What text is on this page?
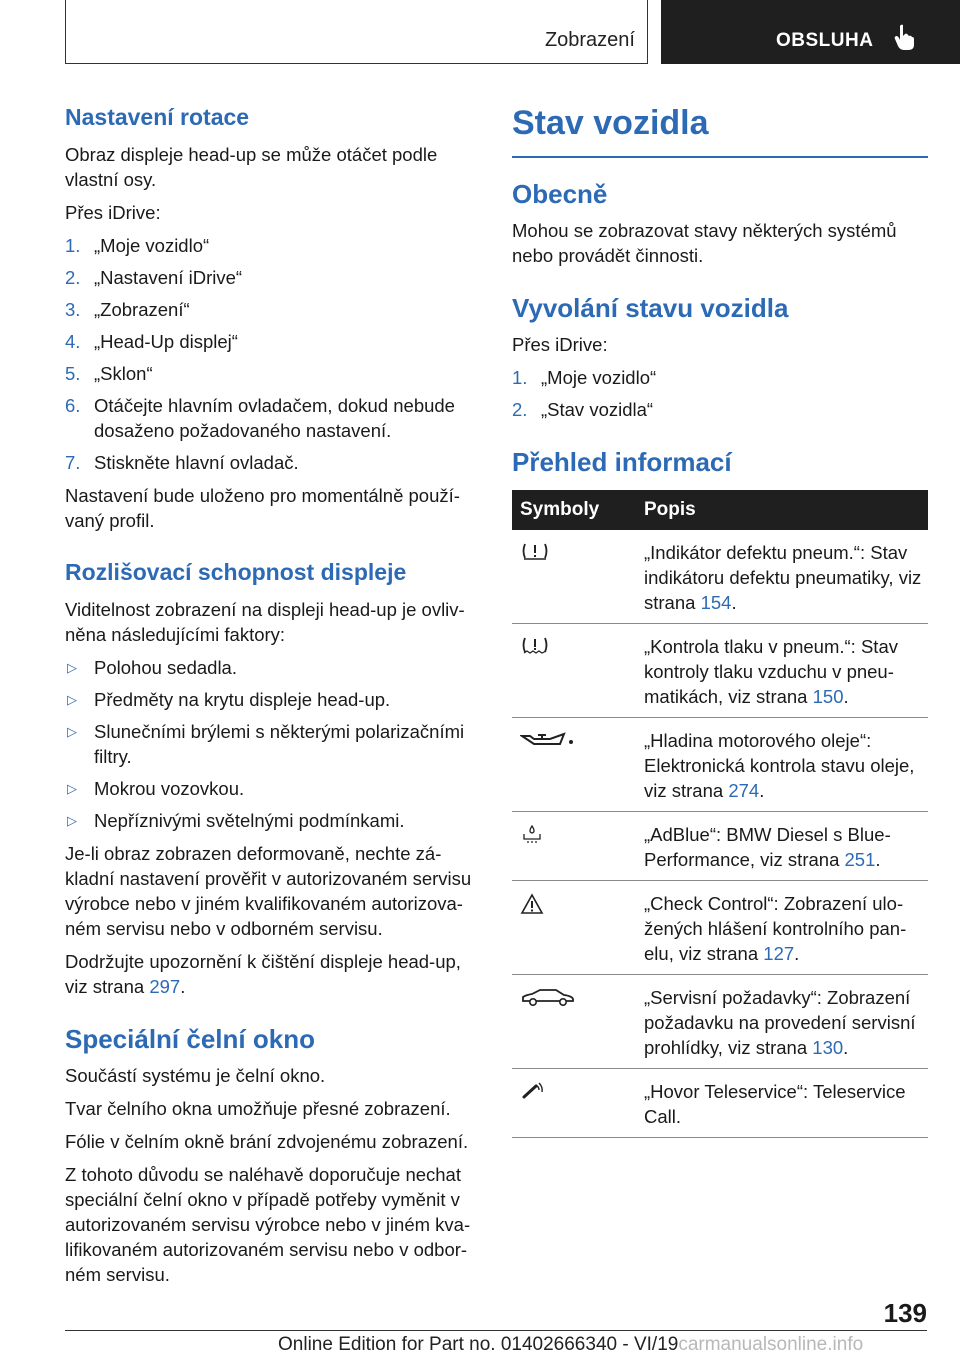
Zobrazení	OBSLUHA
Nastavení rotace

Obraz displeje head-up se může otáčet podle vlastní osy.

Přes iDrive:

1. „Moje vozidlo“
2. „Nastavení iDrive“
3. „Zobrazení“
4. „Head-Up displej“
5. „Sklon“
6. Otáčejte hlavním ovladačem, dokud nebude dosaženo požadovaného nastavení.
7. Stiskněte hlavní ovladač.

Nastavení bude uloženo pro momentálně použí-vaný profil.

Rozlišovací schopnost displeje

Viditelnost zobrazení na displeji head-up je ovliv-něna následujícími faktory:

▷ Polohou sedadla.
▷ Předměty na krytu displeje head-up.
▷ Slunečními brýlemi s některými polarizačními filtry.
▷ Mokrou vozovkou.
▷ Nepříznivými světelnými podmínkami.

Je-li obraz zobrazen deformovaně, nechte zá-kladní nastavení prověřit v autorizovaném servisu výrobce nebo v jiném kvalifikovaném autorizova-ném servisu nebo v odborném servisu.

Dodržujte upozornění k čištění displeje head-up, viz strana 297.

Speciální čelní okno

Součástí systému je čelní okno.

Tvar čelního okna umožňuje přesné zobrazení.

Fólie v čelním okně brání zdvojenému zobrazení.

Z tohoto důvodu se naléhavě doporučuje nechat speciální čelní okno v případě potřeby vyměnit v autorizovaném servisu výrobce nebo v jiném kva-lifikovaném autorizovaném servisu nebo v odbor-ném servisu.

Stav vozidla
Obecně

Mohou se zobrazovat stavy některých systémů nebo provádět činnosti.

Vyvolání stavu vozidla

Přes iDrive:

1. „Moje vozidlo“
2. „Stav vozidla“
Přehled informací
Symboly	Popis
	„Indikátor defektu pneum.“: Stav indikátoru defektu pneumatiky, viz strana 154.
	„Kontrola tlaku v pneum.“: Stav kontroly tlaku vzduchu v pneu-matikách, viz strana 150.
	„Hladina motorového oleje“: Elektronická kontrola stavu oleje, viz strana 274.
	„AdBlue“: BMW Diesel s Blue-Performance, viz strana 251.
	„Check Control“: Zobrazení ulo-žených hlášení kontrolního pan-elu, viz strana 127.
	„Servisní požadavky“: Zobrazení požadavku na provedení servisní prohlídky, viz strana 130.
	„Hovor Teleservice“: Teleservice Call.
139
Online Edition for Part no. 01402666340 - VI/19carmanualsonline.info
